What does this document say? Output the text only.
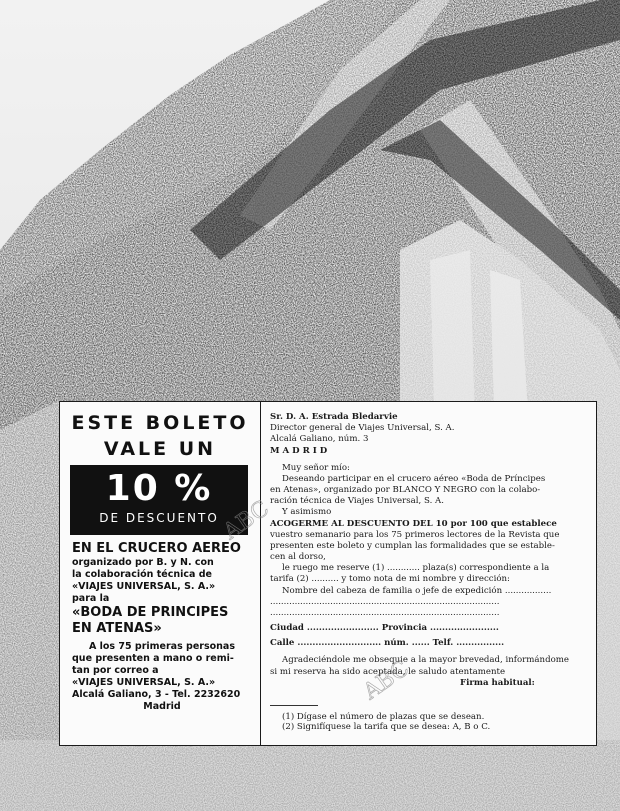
ESTE BOLETO
VALE UN
10 %
DE DESCUENTO
EN EL CRUCERO AEREO
organizado por B. y N. con
la colaboración técnica de
«VIAJES UNIVERSAL, S. A.»
para la
«BODA DE PRINCIPES
EN ATENAS»
A los 75 primeras personas
que presenten a mano o remi-
tan por correo a
«VIAJES UNIVERSAL, S. A.»
Alcalá Galiano, 3 - Tel. 2232620
Madrid
Sr. D. A. Estrada Bledarvie
Director general de Viajes Universal, S. A.
Alcalá Galiano, núm. 3
M A D R I D
Muy señor mío:
Deseando participar en el crucero aéreo «Boda de Príncipes
en Atenas», organizado por BLANCO Y NEGRO con la colabo-
ración técnica de Viajes Universal, S. A.
Y asimismo
ACOGERME AL DESCUENTO DEL 10 por 100 que establece
vuestro semanario para los 75 primeros lectores de la Revista que
presenten este boleto y cumplan las formalidades que se estable-
cen al dorso,
le ruego me reserve (1) ............ plaza(s) correspondiente a la
tarifa (2) .......... y tomo nota de mi nombre y dirección:
Nombre del cabeza de familia o jefe de expedición .................
....................................................................................
....................................................................................
Ciudad ........................ Provincia .......................
Calle ............................ núm. ...... Telf. ................
Agradeciéndole me obsequie a la mayor brevedad, informándome
si mi reserva ha sido aceptada, le saludo atentamente
Firma habitual:
(1) Dígase el número de plazas que se desean.
(2) Signifíquese la tarifa que se desea: A, B o C.
ABC
ABC
